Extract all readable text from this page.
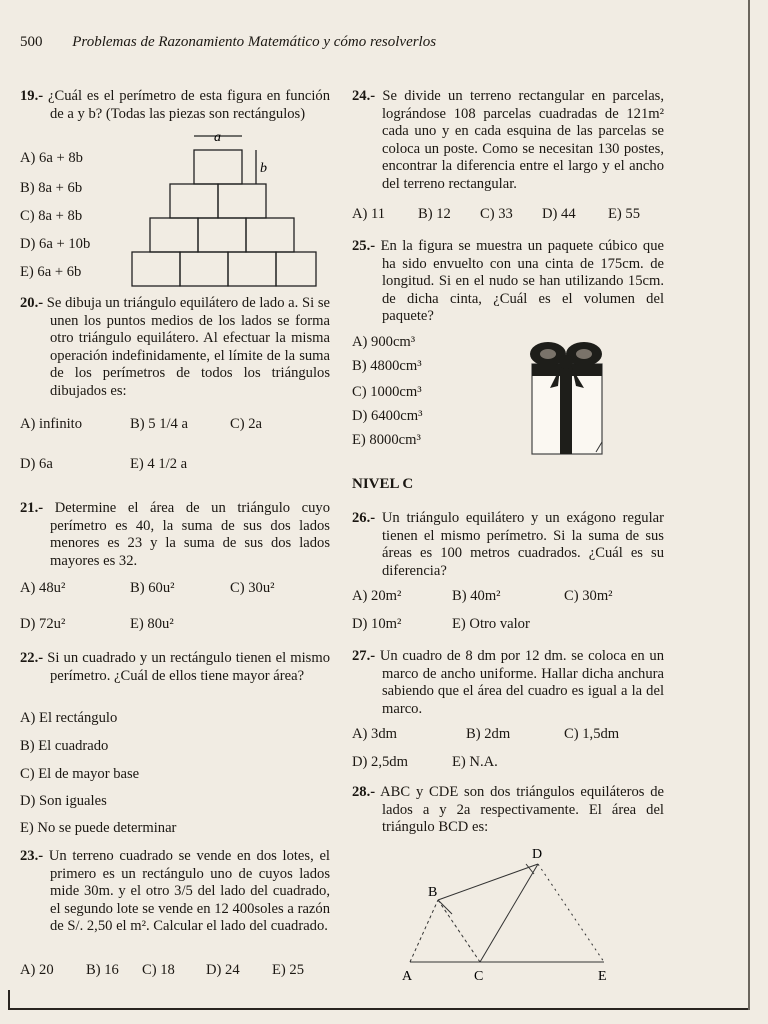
500 Problemas de Razonamiento Matemático y cómo resolverlos
19.- ¿Cuál es el perímetro de esta figura en función de a y b? (Todas las piezas son rectángulos)
A) 6a + 8b
B) 8a + 6b
C) 8a + 8b
D) 6a + 10b
E) 6a + 6b
a
b
20.- Se dibuja un triángulo equilátero de lado a. Si se unen los puntos medios de los lados se forma otro triángulo equilátero. Al efectuar la misma operación indefinidamente, el límite de la suma de los perímetros de todos los triángulos dibujados es:
A) infinito	B) 5 1/4 a	C) 2a
D) 6a	E) 4 1/2 a
21.- Determine el área de un triángulo cuyo perímetro es 40, la suma de sus dos lados menores es 23 y la suma de sus dos lados mayores es 32.
A) 48u²	B) 60u²	C) 30u²
D) 72u²	E) 80u²
22.- Si un cuadrado y un rectángulo tienen el mismo perímetro. ¿Cuál de ellos tiene mayor área?
A) El rectángulo
B) El cuadrado
C) El de mayor base
D) Son iguales
E) No se puede determinar
23.- Un terreno cuadrado se vende en dos lotes, el primero es un rectángulo uno de cuyos lados mide 30m. y el otro 3/5 del lado del cuadrado, el segundo lote se vende en 12 400soles a razón de S/. 2,50 el m². Calcular el lado del cuadrado.
A) 20 B) 16 C) 18 D) 24 E) 25
24.- Se divide un terreno rectangular en parcelas, lográndose 108 parcelas cuadradas de 121m² cada uno y en cada esquina de las parcelas se coloca un poste. Como se necesitan 130 postes, encontrar la diferencia entre el largo y el ancho del terreno rectangular.
A) 11 B) 12 C) 33 D) 44 E) 55
25.- En la figura se muestra un paquete cúbico que ha sido envuelto con una cinta de 175cm. de longitud. Si en el nudo se han utilizando 15cm. de dicha cinta, ¿Cuál es el volumen del paquete?
A) 900cm³
B) 4800cm³
C) 1000cm³
D) 6400cm³
E) 8000cm³
NIVEL C
26.- Un triángulo equilátero y un exágono regular tienen el mismo perímetro. Si la suma de sus áreas es 100 metros cuadrados. ¿Cuál es su diferencia?
A) 20m²	B) 40m²	C) 30m²
D) 10m²	E) Otro valor
27.- Un cuadro de 8 dm por 12 dm. se coloca en un marco de ancho uniforme. Hallar dicha anchura sabiendo que el área del cuadro es igual a la del marco.
A) 3dm	B) 2dm	C) 1,5dm
D) 2,5dm	E) N.A.
28.- ABC y CDE son dos triángulos equiláteros de lados a y 2a respectivamente. El área del triángulo BCD es:
A
B
C
D
E
